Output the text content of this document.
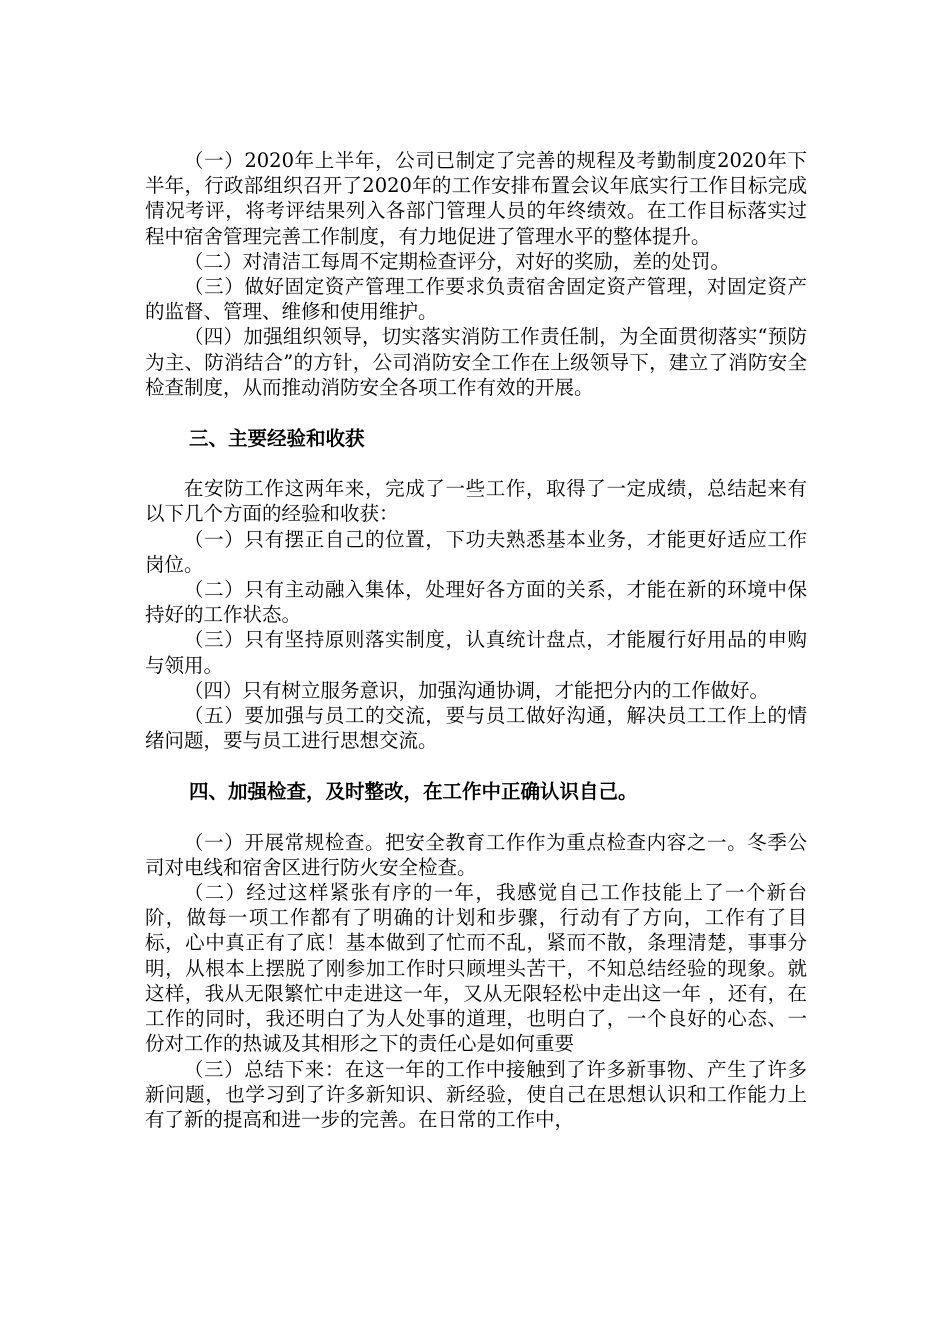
（一）2020年上半年，公司已制定了完善的规程及考勤制度2020年下半年，行政部组织召开了2020年的工作安排布置会议年底实行工作目标完成情况考评，将考评结果列入各部门管理人员的年终绩效。在工作目标落实过程中宿舍管理完善工作制度，有力地促进了管理水平的整体提升。

（二）对清洁工每周不定期检查评分，对好的奖励，差的处罚。

（三）做好固定资产管理工作要求负责宿舍固定资产管理，对固定资产的监督、管理、维修和使用维护。

（四）加强组织领导，切实落实消防工作责任制，为全面贯彻落实“预防为主、防消结合”的方针，公司消防安全工作在上级领导下，建立了消防安全检查制度，从而推动消防安全各项工作有效的开展。

三、主要经验和收获

在安防工作这两年来，完成了一些工作，取得了一定成绩，总结起来有以下几个方面的经验和收获：

（一）只有摆正自己的位置，下功夫熟悉基本业务，才能更好适应工作岗位。

（二）只有主动融入集体，处理好各方面的关系，才能在新的环境中保持好的工作状态。

（三）只有坚持原则落实制度，认真统计盘点，才能履行好用品的申购与领用。

（四）只有树立服务意识，加强沟通协调，才能把分内的工作做好。

（五）要加强与员工的交流，要与员工做好沟通，解决员工工作上的情绪问题，要与员工进行思想交流。

四、加强检查，及时整改，在工作中正确认识自己。

（一）开展常规检查。把安全教育工作作为重点检查内容之一。冬季公司对电线和宿舍区进行防火安全检查。

（二）经过这样紧张有序的一年，我感觉自己工作技能上了一个新台阶，做每一项工作都有了明确的计划和步骤，行动有了方向，工作有了目标，心中真正有了底！基本做到了忙而不乱，紧而不散，条理清楚，事事分明，从根本上摆脱了刚参加工作时只顾埋头苦干，不知总结经验的现象。就这样，我从无限繁忙中走进这一年，又从无限轻松中走出这一年 ，还有，在工作的同时，我还明白了为人处事的道理，也明白了，一个良好的心态、一份对工作的热诚及其相形之下的责任心是如何重要

（三）总结下来：在这一年的工作中接触到了许多新事物、产生了许多新问题，也学习到了许多新知识、新经验，使自己在思想认识和工作能力上有了新的提高和进一步的完善。在日常的工作中，
